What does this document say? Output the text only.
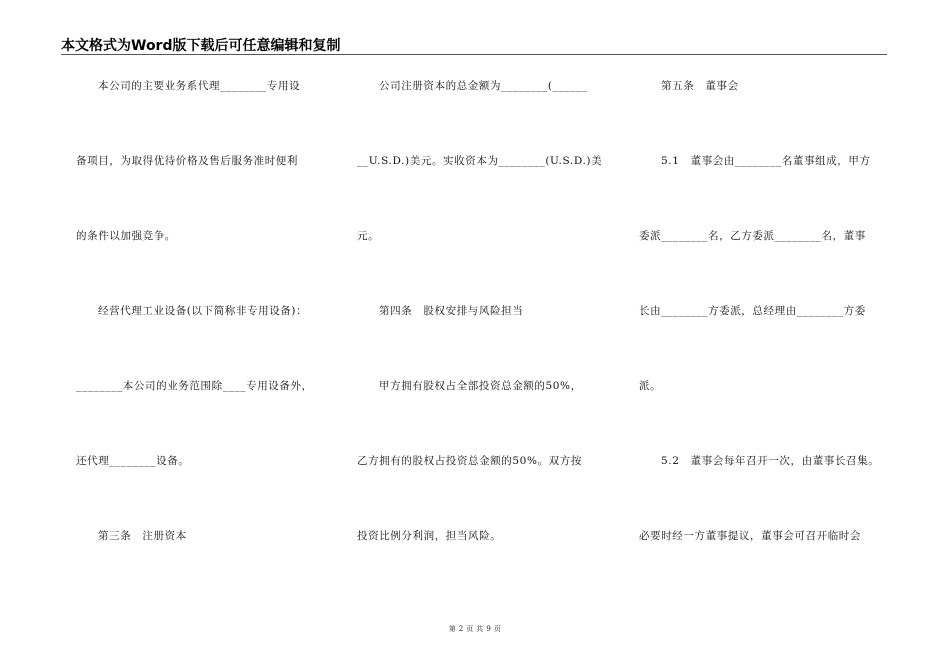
本文格式为Word版下载后可任意编辑和复制
本公司的主要业务系代理________专用设
备项目，为取得优待价格及售后服务准时便利
的条件以加强竞争。
经营代理工业设备(以下简称非专用设备)：
________本公司的业务范围除____专用设备外，
还代理________设备。
第三条　注册资本
公司注册资本的总金额为________(______
__U.S.D.)美元。实收资本为________(U.S.D.)美
元。
第四条　股权安排与风险担当
甲方拥有股权占全部投资总金额的50%，
乙方拥有的股权占投资总金额的50%。双方按
投资比例分利润，担当风险。
第五条　董事会
5.1　董事会由________名董事组成，甲方
委派________名，乙方委派________名，董事
长由________方委派，总经理由________方委
派。
5.2　董事会每年召开一次，由董事长召集。
必要时经一方董事提议，董事会可召开临时会
第 2 页 共 9 页
